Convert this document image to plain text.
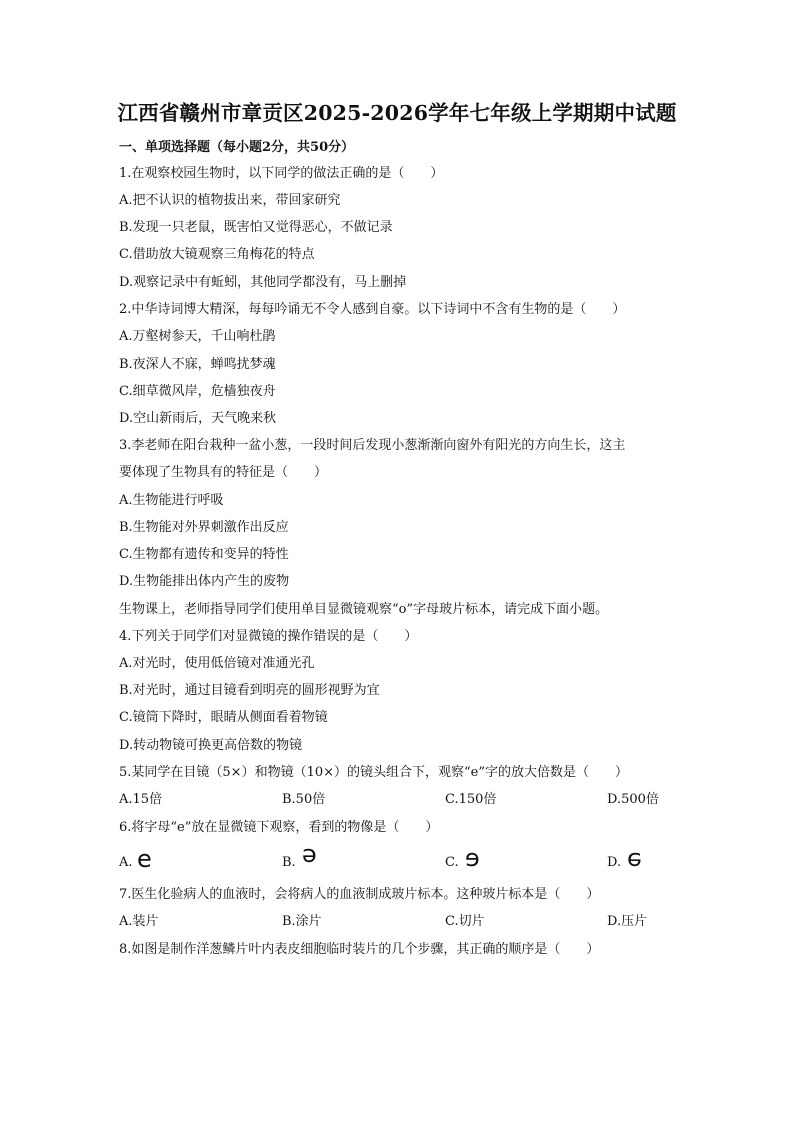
江西省赣州市章贡区2025-2026学年七年级上学期期中试题
一、单项选择题（每小题2分，共50分）
1.在观察校园生物时，以下同学的做法正确的是（　　）
A.把不认识的植物拔出来，带回家研究
B.发现一只老鼠，既害怕又觉得恶心，不做记录
C.借助放大镜观察三角梅花的特点
D.观察记录中有蚯蚓，其他同学都没有，马上删掉
2.中华诗词博大精深，每每吟诵无不令人感到自豪。以下诗词中不含有生物的是（　　）
A.万壑树参天，千山响杜鹃
B.夜深人不寐，蝉鸣扰梦魂
C.细草微风岸，危樯独夜舟
D.空山新雨后，天气晚来秋
3.李老师在阳台栽种一盆小葱，一段时间后发现小葱渐渐向窗外有阳光的方向生长，这主
要体现了生物具有的特征是（　　）
A.生物能进行呼吸
B.生物能对外界刺激作出反应
C.生物都有遗传和变异的特性
D.生物能排出体内产生的废物
生物课上，老师指导同学们使用单目显微镜观察“o”字母玻片标本，请完成下面小题。
4.下列关于同学们对显微镜的操作错误的是（　　）
A.对光时，使用低倍镜对准通光孔
B.对光时，通过目镜看到明亮的圆形视野为宜
C.镜筒下降时，眼睛从侧面看着物镜
D.转动物镜可换更高倍数的物镜
5.某同学在目镜（5×）和物镜（10×）的镜头组合下，观察“e”字的放大倍数是（　　）
A.15倍	B.50倍	C.150倍	D.500倍
6.将字母“e”放在显微镜下观察，看到的物像是（　　）
A. e	B. e	C. e	D. e
7.医生化验病人的血液时，会将病人的血液制成玻片标本。这种玻片标本是（　　）
A.装片	B.涂片	C.切片	D.压片
8.如图是制作洋葱鳞片叶内表皮细胞临时装片的几个步骤，其正确的顺序是（　　）
